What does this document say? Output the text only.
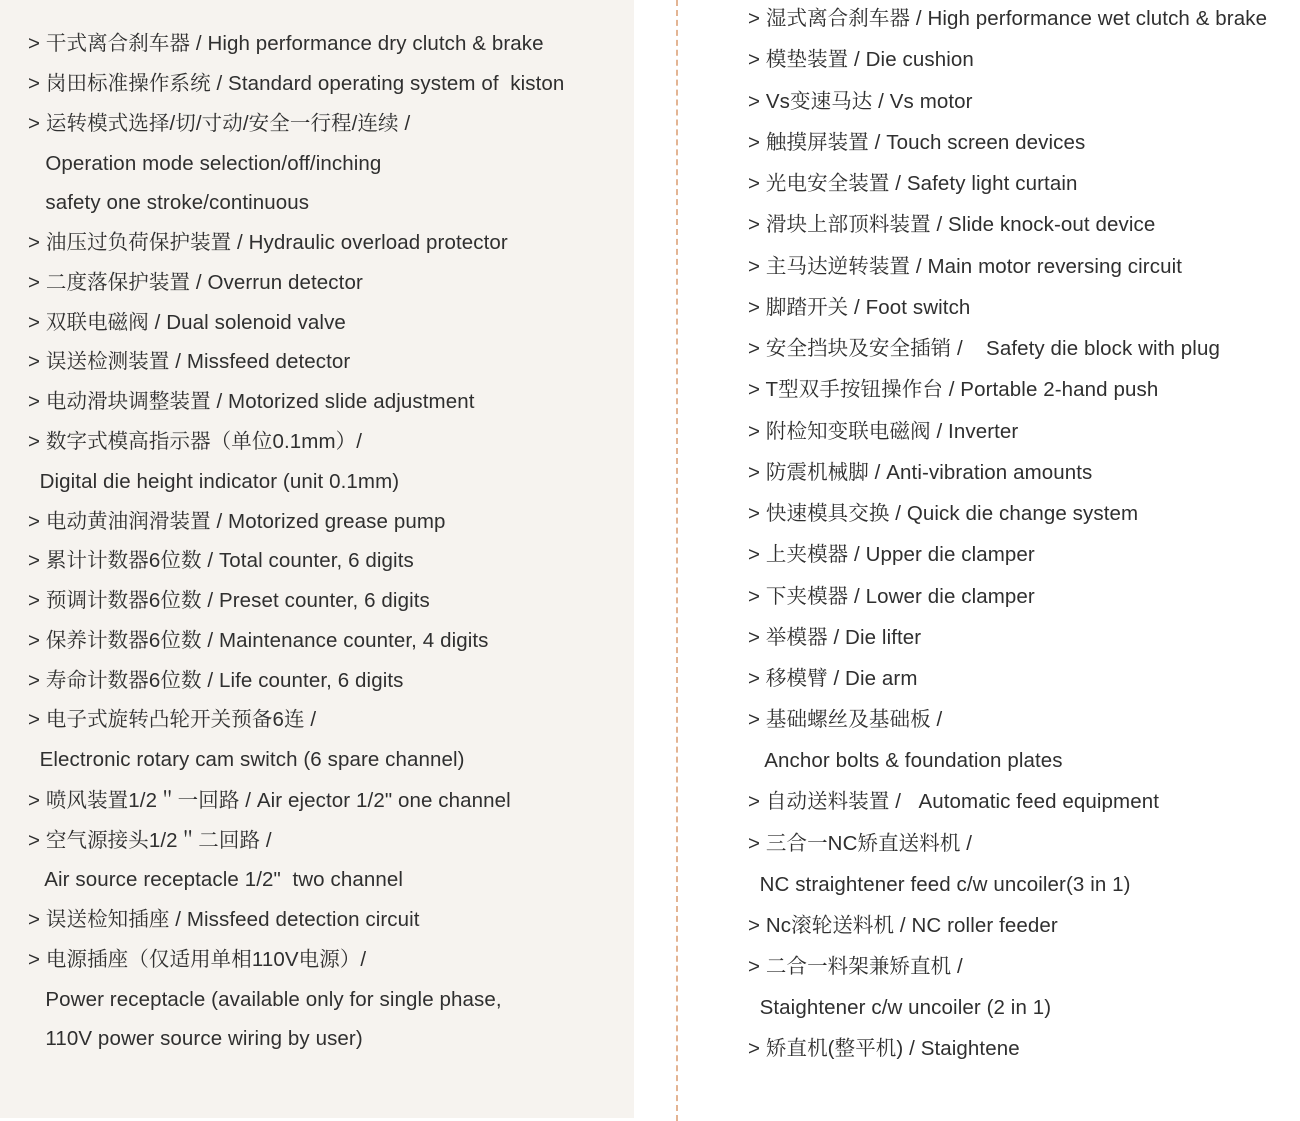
> 干式离合刹车器 / High performance dry clutch & brake
> 岗田标准操作系统 / Standard operating system of  kiston
> 运转模式选择/切/寸动/安全一行程/连续 /
Operation mode selection/off/inching
safety one stroke/continuous
> 油压过负荷保护装置 / Hydraulic overload protector
> 二度落保护装置 / Overrun detector
> 双联电磁阀 / Dual solenoid valve
> 误送检测装置 / Missfeed detector
> 电动滑块调整装置 / Motorized slide adjustment
> 数字式模高指示器（单位0.1mm）/
Digital die height indicator (unit 0.1mm)
> 电动黄油润滑装置 / Motorized grease pump
> 累计计数器6位数 / Total counter, 6 digits
> 预调计数器6位数 / Preset counter, 6 digits
> 保养计数器6位数 / Maintenance counter, 4 digits
> 寿命计数器6位数 / Life counter, 6 digits
> 电子式旋转凸轮开关预备6连 /
Electronic rotary cam switch (6 spare channel)
> 喷风装置1/2＂一回路 / Air ejector 1/2" one channel
> 空气源接头1/2＂二回路 /
Air source receptacle 1/2"  two channel
> 误送检知插座 / Missfeed detection circuit
> 电源插座（仅适用单相110V电源）/
Power receptacle (available only for single phase,
110V power source wiring by user)
> 湿式离合刹车器 / High performance wet clutch & brake
> 模垫装置 / Die cushion
> Vs变速马达 / Vs motor
> 触摸屏装置 / Touch screen devices
> 光电安全装置 / Safety light curtain
> 滑块上部顶料装置 / Slide knock-out device
> 主马达逆转装置 / Main motor reversing circuit
> 脚踏开关 / Foot switch
> 安全挡块及安全插销 /    Safety die block with plug
> T型双手按钮操作台 / Portable 2-hand push
> 附检知变联电磁阀 / Inverter
> 防震机械脚 / Anti-vibration amounts
> 快速模具交换 / Quick die change system
> 上夹模器 / Upper die clamper
> 下夹模器 / Lower die clamper
> 举模器 / Die lifter
> 移模臂 / Die arm
> 基础螺丝及基础板 /
Anchor bolts & foundation plates
> 自动送料装置 /   Automatic feed equipment
> 三合一NC矫直送料机 /
NC straightener feed c/w uncoiler(3 in 1)
> Nc滚轮送料机 / NC roller feeder
> 二合一料架兼矫直机 /
Staightener c/w uncoiler (2 in 1)
> 矫直机(整平机) / Staightene
